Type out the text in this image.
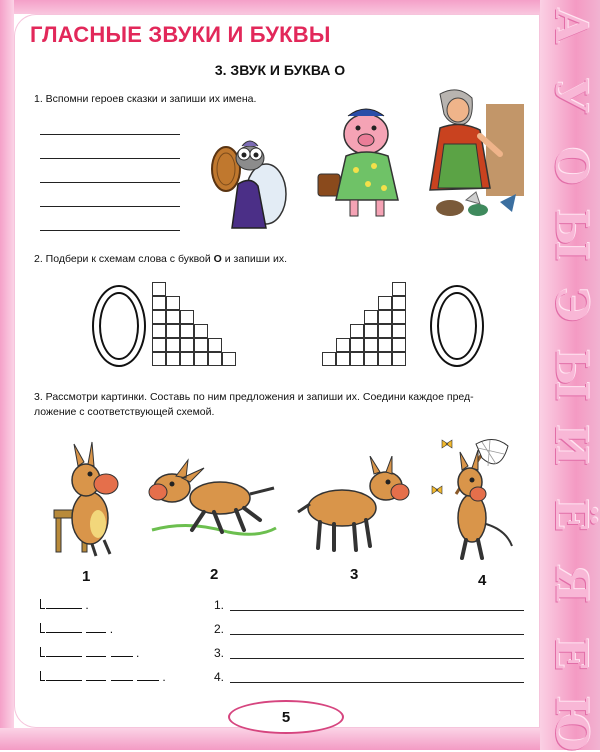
А
У
О
Ы
Э
Ы
И
Ё
Я
Е
Ю
ГЛАСНЫЕ ЗВУКИ И БУКВЫ
3. ЗВУК И БУКВА О
1. Вспомни героев сказки и запиши их имена.
2. Подбери к схемам слова с буквой О и запиши их.
3. Рассмотри картинки. Составь по ним предложения и запиши их. Соедини каждое пред-
ложение с соответствующей схемой.
1	2	3	4
.
.
.
.
1.
2.
3.
4.
5
